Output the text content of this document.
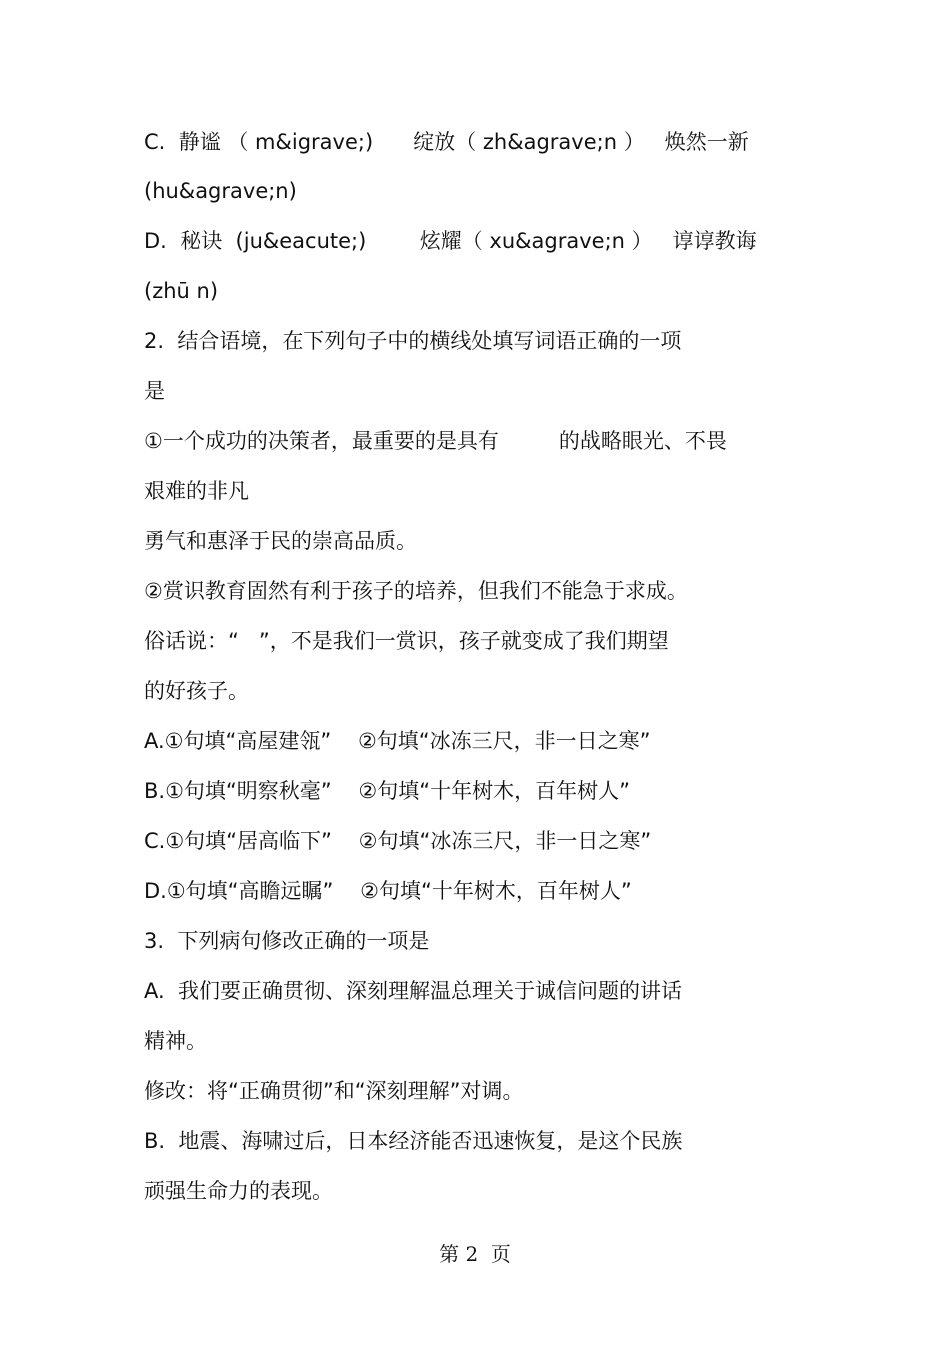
C.  静谧 （ m&igrave;)      绽放（ zh&agrave;n ）   焕然一新

(hu&agrave;n)

D.  秘诀  (ju&eacute;)        炫耀（ xu&agrave;n ）   谆谆教诲

(zhū n)

2.  结合语境，在下列句子中的横线处填写词语正确的一项

是

①一个成功的决策者，最重要的是具有         的战略眼光、不畏

艰难的非凡

勇气和惠泽于民的崇高品质。

②赏识教育固然有利于孩子的培养，但我们不能急于求成。

俗话说：“   ”，不是我们一赏识，孩子就变成了我们期望

的好孩子。

A.①句填“高屋建瓴”    ②句填“冰冻三尺，非一日之寒”

B.①句填“明察秋毫”    ②句填“十年树木，百年树人”

C.①句填“居高临下”    ②句填“冰冻三尺，非一日之寒”

D.①句填“高瞻远瞩”    ②句填“十年树木，百年树人”

3.  下列病句修改正确的一项是

A.  我们要正确贯彻、深刻理解温总理关于诚信问题的讲话

精神。

修改：将“正确贯彻”和“深刻理解”对调。

B.  地震、海啸过后，日本经济能否迅速恢复，是这个民族

顽强生命力的表现。

第 2  页
